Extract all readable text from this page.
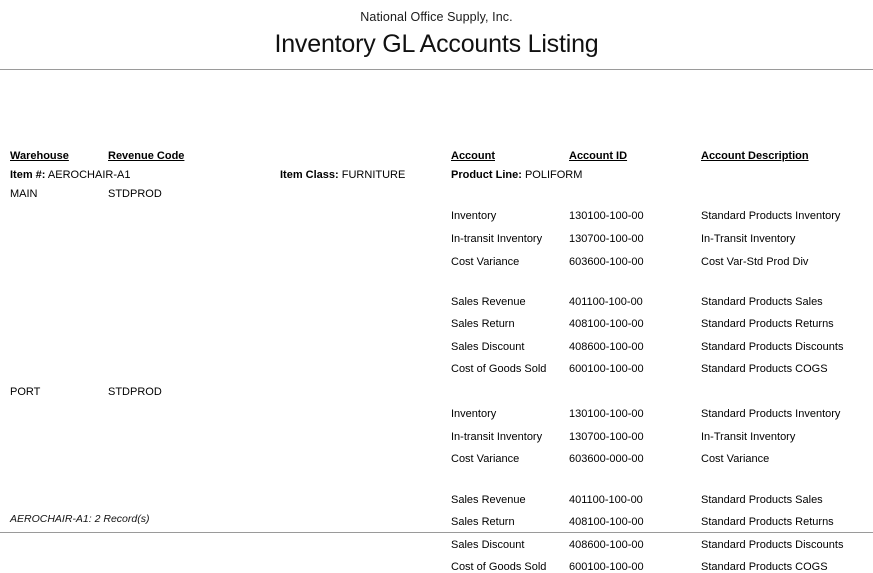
National Office Supply, Inc.
Inventory GL Accounts Listing
Warehouse	Revenue Code	Account	Account ID	Account Description
Item #: AEROCHAIR-A1	Item Class: FURNITURE	Product Line: POLIFORM
MAIN	STDPROD
Inventory	130100-100-00	Standard Products Inventory
In-transit Inventory 130700-100-00	In-Transit Inventory
Cost Variance	603600-100-00	Cost Var-Std Prod Div
Sales Revenue	401100-100-00	Standard Products Sales
Sales Return	408100-100-00	Standard Products Returns
Sales Discount	408600-100-00	Standard Products Discounts
Cost of Goods Sold 600100-100-00	Standard Products COGS
PORT	STDPROD
Inventory	130100-100-00	Standard Products Inventory
In-transit Inventory 130700-100-00	In-Transit Inventory
Cost Variance	603600-000-00	Cost Variance
Sales Revenue	401100-100-00	Standard Products Sales
Sales Return	408100-100-00	Standard Products Returns
Sales Discount	408600-100-00	Standard Products Discounts
Cost of Goods Sold 600100-100-00	Standard Products COGS
AEROCHAIR-A1: 2 Record(s)
